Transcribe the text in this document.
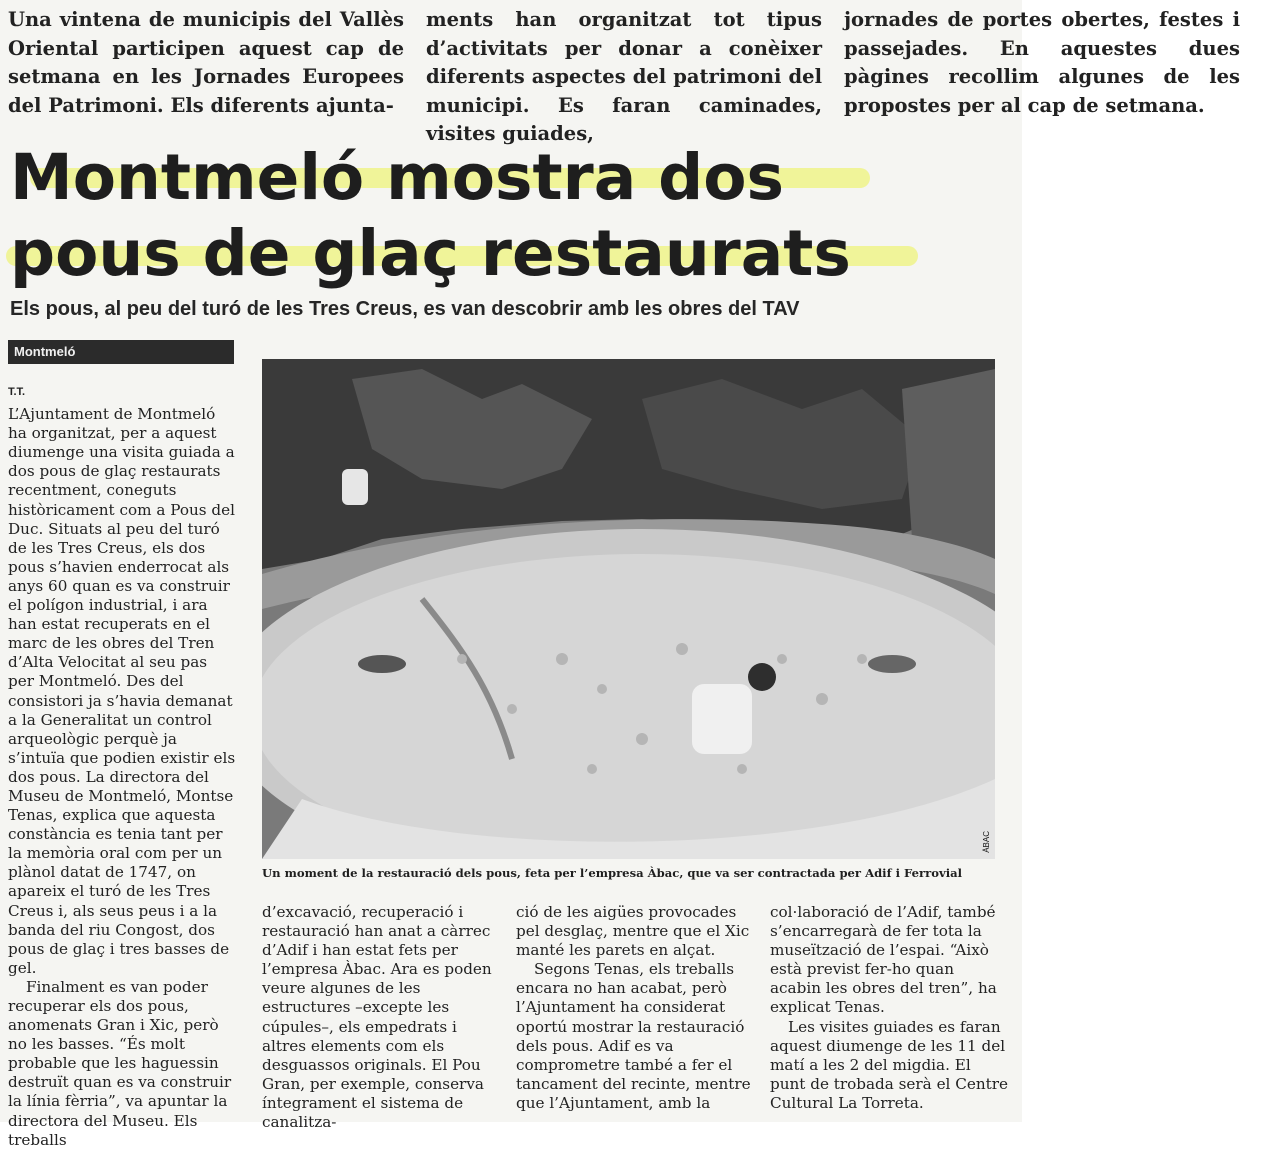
Una vintena de municipis del Vallès Oriental participen aquest cap de setmana en les Jornades Europees del Patrimoni. Els diferents ajunta-
ments han organitzat tot tipus d’activitats per donar a conèixer diferents aspectes del patrimoni del municipi. Es faran caminades, visites guiades,
jornades de portes obertes, festes i passejades. En aquestes dues pàgines recollim algunes de les propostes per al cap de setmana.
Montmeló mostra dos
pous de glaç restaurats
Els pous, al peu del turó de les Tres Creus, es van descobrir amb les obres del TAV
Montmeló
T.T.

L’Ajuntament de Montmeló ha organitzat, per a aquest diumenge una visita guiada a dos pous de glaç restaurats recentment, coneguts històricament com a Pous del Duc. Situats al peu del turó de les Tres Creus, els dos pous s’havien enderrocat als anys 60 quan es va construir el polígon industrial, i ara han estat recuperats en el marc de les obres del Tren d’Alta Velocitat al seu pas per Montmeló. Des del consistori ja s’havia demanat a la Generalitat un control arqueològic perquè ja s’intuïa que podien existir els dos pous. La directora del Museu de Montmeló, Montse Tenas, explica que aquesta constància es tenia tant per la memòria oral com per un plànol datat de 1747, on apareix el turó de les Tres Creus i, als seus peus i a la banda del riu Congost, dos pous de glaç i tres basses de gel.

Finalment es van poder recuperar els dos pous, anomenats Gran i Xic, però no les basses. “És molt probable que les haguessin destruït quan es va construir la línia fèrria”, va apuntar la directora del Museu. Els treballs

ÀBAC
Un moment de la restauració dels pous, feta per l’empresa Àbac, que va ser contractada per Adif i Ferrovial

d’excavació, recuperació i restauració han anat a càrrec d’Adif i han estat fets per l’empresa Àbac. Ara es poden veure algunes de les estructures –excepte les cúpules–, els empedrats i altres elements com els desguassos originals. El Pou Gran, per exemple, conserva íntegrament el sistema de canalitza-

ció de les aigües provocades pel desglaç, mentre que el Xic manté les parets en alçat.

Segons Tenas, els treballs encara no han acabat, però l’Ajuntament ha considerat oportú mostrar la restauració dels pous. Adif es va comprometre també a fer el tancament del recinte, mentre que l’Ajuntament, amb la

col·laboració de l’Adif, també s’encarregarà de fer tota la museïtzació de l’espai. “Això està previst fer-ho quan acabin les obres del tren”, ha explicat Tenas.

Les visites guiades es faran aquest diumenge de les 11 del matí a les 2 del migdia. El punt de trobada serà el Centre Cultural La Torreta.
